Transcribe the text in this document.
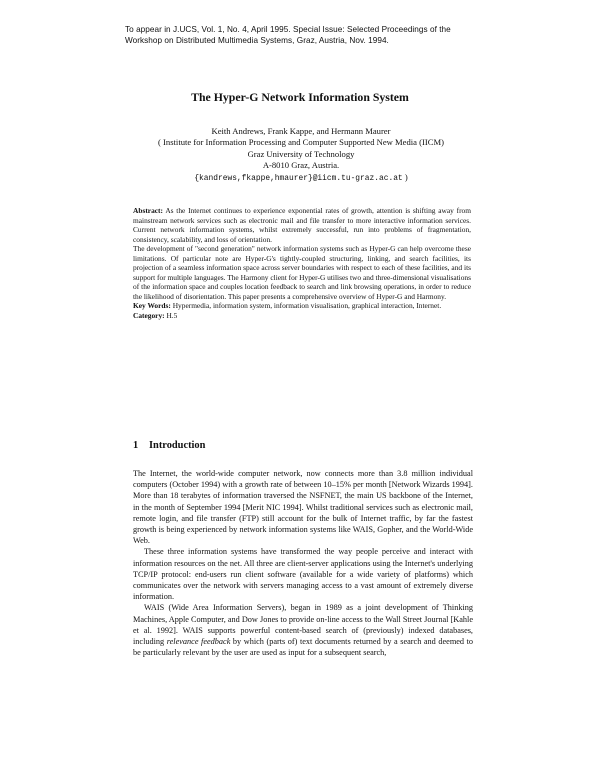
To appear in J.UCS, Vol. 1, No. 4, April 1995. Special Issue: Selected Proceedings of the Workshop on Distributed Multimedia Systems, Graz, Austria, Nov. 1994.
The Hyper-G Network Information System
Keith Andrews, Frank Kappe, and Hermann Maurer
( Institute for Information Processing and Computer Supported New Media (IICM)
Graz University of Technology
A-8010 Graz, Austria.
{kandrews,fkappe,hmaurer}@iicm.tu-graz.ac.at )

Abstract: As the Internet continues to experience exponential rates of growth, attention is shifting away from mainstream network services such as electronic mail and file transfer to more interactive information services. Current network information systems, whilst extremely successful, run into problems of fragmentation, consistency, scalability, and loss of orientation.

The development of "second generation" network information systems such as Hyper-G can help overcome these limitations. Of particular note are Hyper-G's tightly-coupled structuring, linking, and search facilities, its projection of a seamless information space across server boundaries with respect to each of these facilities, and its support for multiple languages. The Harmony client for Hyper-G utilises two and three-dimensional visualisations of the information space and couples location feedback to search and link browsing operations, in order to reduce the likelihood of disorientation. This paper presents a comprehensive overview of Hyper-G and Harmony.

Key Words: Hypermedia, information system, information visualisation, graphical interaction, Internet.

Category: H.5

1 Introduction

The Internet, the world-wide computer network, now connects more than 3.8 million individual computers (October 1994) with a growth rate of between 10–15% per month [Network Wizards 1994]. More than 18 terabytes of information traversed the NSFNET, the main US backbone of the Internet, in the month of September 1994 [Merit NIC 1994]. Whilst traditional services such as electronic mail, remote login, and file transfer (FTP) still account for the bulk of Internet traffic, by far the fastest growth is being experienced by network information systems like WAIS, Gopher, and the World-Wide Web.

These three information systems have transformed the way people perceive and interact with information resources on the net. All three are client-server applications using the Internet's underlying TCP/IP protocol: end-users run client software (available for a wide variety of platforms) which communicates over the network with servers managing access to a vast amount of extremely diverse information.

WAIS (Wide Area Information Servers), began in 1989 as a joint development of Thinking Machines, Apple Computer, and Dow Jones to provide on-line access to the Wall Street Journal [Kahle et al. 1992]. WAIS supports powerful content-based search of (previously) indexed databases, including relevance feedback by which (parts of) text documents returned by a search and deemed to be particularly relevant by the user are used as input for a subsequent search,
